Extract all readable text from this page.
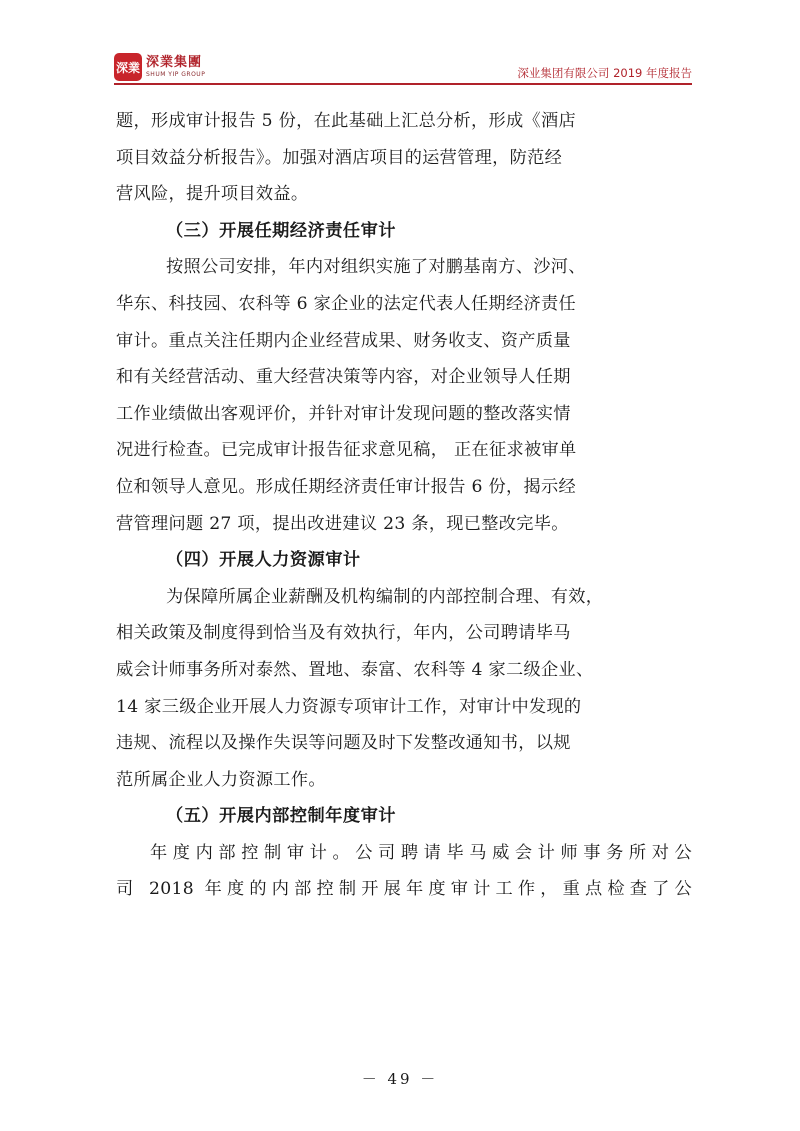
深業 深業集團
SHUM YIP GROUP	深业集团有限公司 2019 年度报告

题，形成审计报告 5 份，在此基础上汇总分析，形成《酒店
项目效益分析报告》。加强对酒店项目的运营管理，防范经
营风险，提升项目效益。

（三）开展任期经济责任审计

按照公司安排，年内对组织实施了对鹏基南方、沙河、
华东、科技园、农科等 6 家企业的法定代表人任期经济责任
审计。重点关注任期内企业经营成果、财务收支、资产质量
和有关经营活动、重大经营决策等内容，对企业领导人任期
工作业绩做出客观评价，并针对审计发现问题的整改落实情
况进行检查。已完成审计报告征求意见稿， 正在征求被审单
位和领导人意见。形成任期经济责任审计报告 6 份，揭示经
营管理问题 27 项，提出改进建议 23 条，现已整改完毕。

（四）开展人力资源审计

为保障所属企业薪酬及机构编制的内部控制合理、有效，
相关政策及制度得到恰当及有效执行，年内，公司聘请毕马
威会计师事务所对泰然、置地、泰富、农科等 4 家二级企业、
14 家三级企业开展人力资源专项审计工作，对审计中发现的
违规、流程以及操作失误等问题及时下发整改通知书，以规
范所属企业人力资源工作。

（五）开展内部控制年度审计

年度内部控制审计。公司聘请毕马威会计师事务所对公
司 2018 年度的内部控制开展年度审计工作，重点检查了公

－ 49 －
